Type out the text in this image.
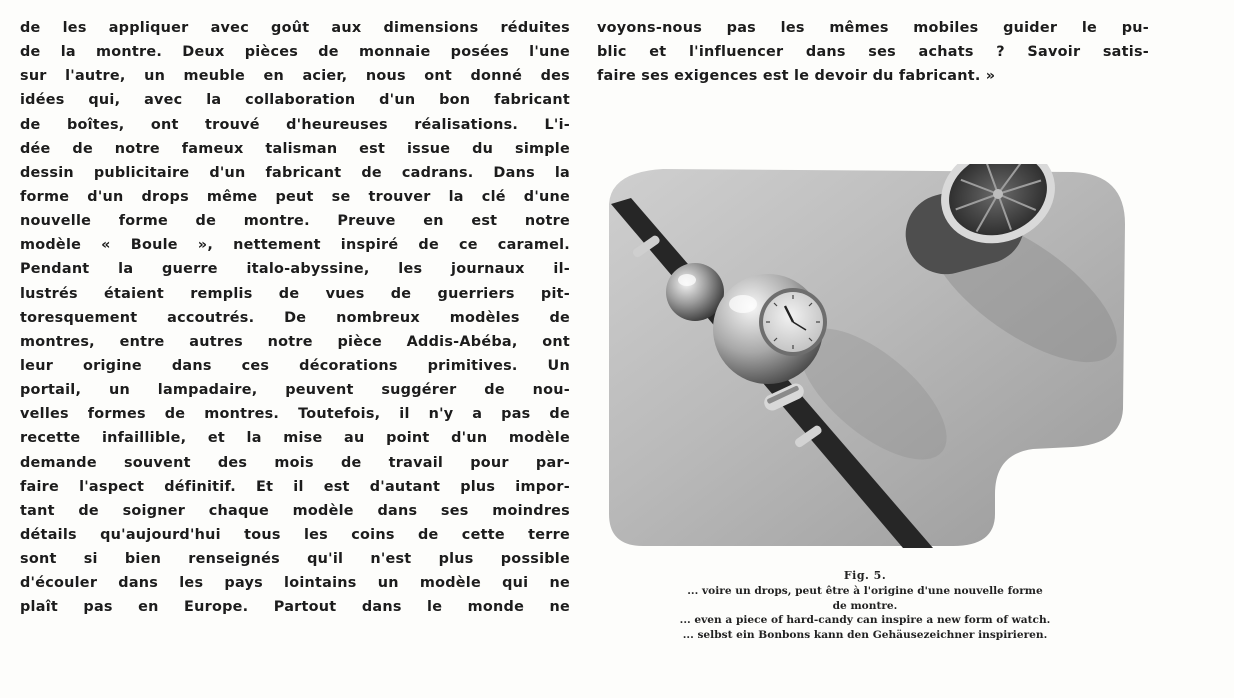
de les appliquer avec goût aux dimensions réduites
de la montre. Deux pièces de monnaie posées l'une
sur l'autre, un meuble en acier, nous ont donné des
idées qui, avec la collaboration d'un bon fabricant
de boîtes, ont trouvé d'heureuses réalisations. L'i-
dée de notre fameux talisman est issue du simple
dessin publicitaire d'un fabricant de cadrans. Dans la
forme d'un drops même peut se trouver la clé d'une
nouvelle forme de montre. Preuve en est notre
modèle « Boule », nettement inspiré de ce caramel.
Pendant la guerre italo-abyssine, les journaux il-
lustrés étaient remplis de vues de guerriers pit-
toresquement accoutrés. De nombreux modèles de
montres, entre autres notre pièce Addis-Abéba, ont
leur origine dans ces décorations primitives. Un
portail, un lampadaire, peuvent suggérer de nou-
velles formes de montres. Toutefois, il n'y a pas de
recette infaillible, et la mise au point d'un modèle
demande souvent des mois de travail pour par-
faire l'aspect définitif. Et il est d'autant plus impor-
tant de soigner chaque modèle dans ses moindres
détails qu'aujourd'hui tous les coins de cette terre
sont si bien renseignés qu'il n'est plus possible
d'écouler dans les pays lointains un modèle qui ne
plaît pas en Europe. Partout dans le monde ne
voyons-nous pas les mêmes mobiles guider le pu-
blic et l'influencer dans ses achats ? Savoir satis-
faire ses exigences est le devoir du fabricant. »
Fig. 5.
... voire un drops, peut être à l'origine d'une nouvelle forme
de montre.
... even a piece of hard-candy can inspire a new form of watch.
... selbst ein Bonbons kann den Gehäusezeichner inspirieren.
